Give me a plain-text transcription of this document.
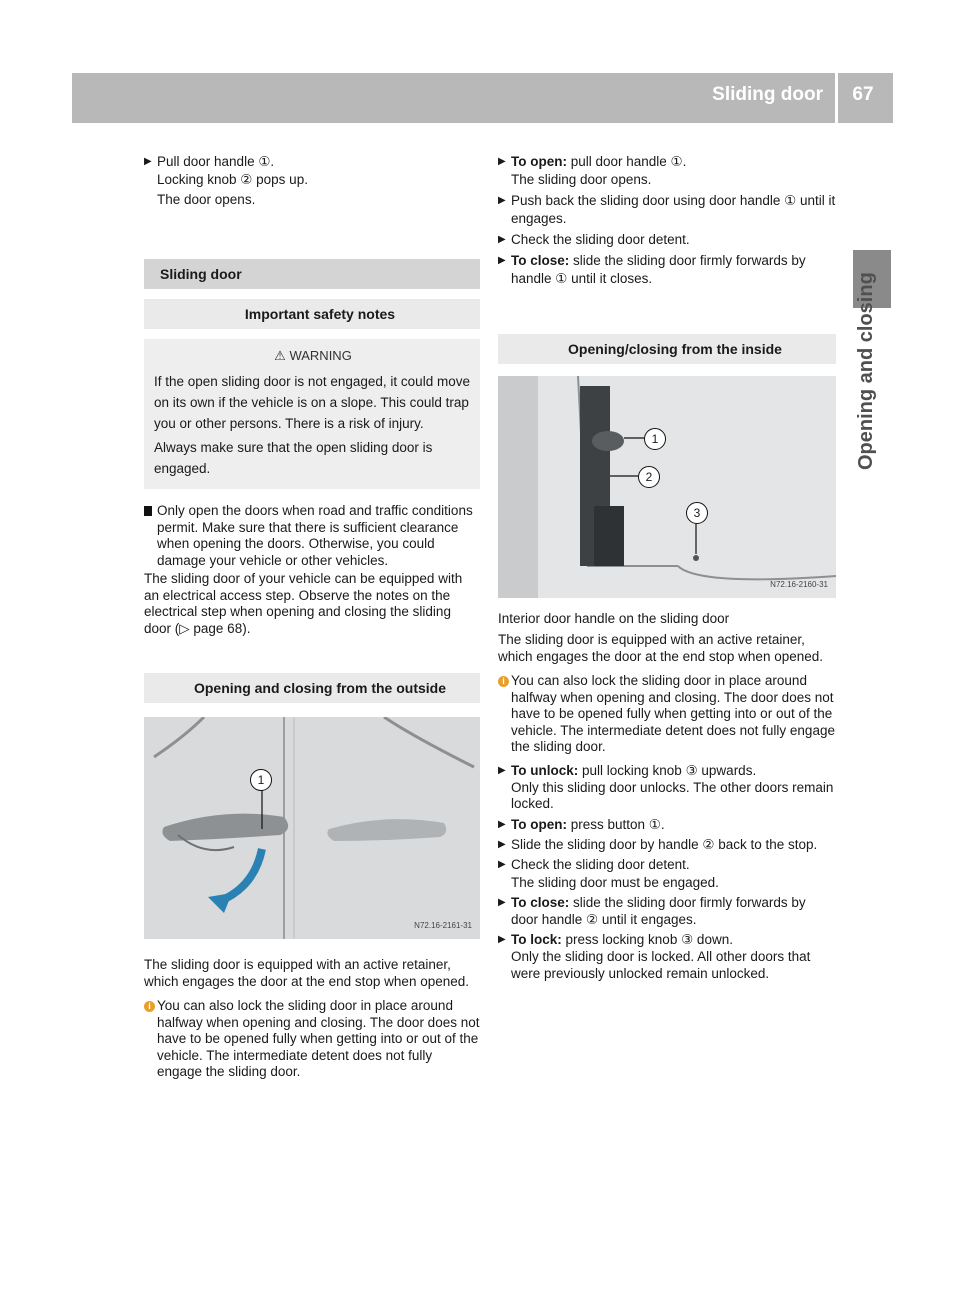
Sliding door	67
Opening and closing

▶ Pull door handle ①.

Locking knob ② pops up.

The door opens.

Sliding door
Important safety notes
⚠ WARNING

If the open sliding door is not engaged, it could move on its own if the vehicle is on a slope. This could trap you or other persons. There is a risk of injury.

Always make sure that the open sliding door is engaged.

Only open the doors when road and traffic conditions permit. Make sure that there is sufficient clearance when opening the doors. Otherwise, you could damage your vehicle or other vehicles.

The sliding door of your vehicle can be equipped with an electrical access step. Observe the notes on the electrical step when opening and closing the sliding door (▷ page 68).

Opening and closing from the outside
1
N72.16-2161-31

The sliding door is equipped with an active retainer, which engages the door at the end stop when opened.

i You can also lock the sliding door in place around halfway when opening and closing. The door does not have to be opened fully when getting into or out of the vehicle. The intermediate detent does not fully engage the sliding door.

▶ To open: pull door handle ①.

The sliding door opens.

▶ Push back the sliding door using door handle ① until it engages.

▶ Check the sliding door detent.

▶ To close: slide the sliding door firmly forwards by handle ① until it closes.

Opening/closing from the inside
1
2
3
N72.16-2160-31

Interior door handle on the sliding door

The sliding door is equipped with an active retainer, which engages the door at the end stop when opened.

i You can also lock the sliding door in place around halfway when opening and closing. The door does not have to be opened fully when getting into or out of the vehicle. The intermediate detent does not fully engage the sliding door.

▶ To unlock: pull locking knob ③ upwards.

Only this sliding door unlocks. The other doors remain locked.

▶ To open: press button ①.

▶ Slide the sliding door by handle ② back to the stop.

▶ Check the sliding door detent.

The sliding door must be engaged.

▶ To close: slide the sliding door firmly forwards by door handle ② until it engages.

▶ To lock: press locking knob ③ down.

Only the sliding door is locked. All other doors that were previously unlocked remain unlocked.
